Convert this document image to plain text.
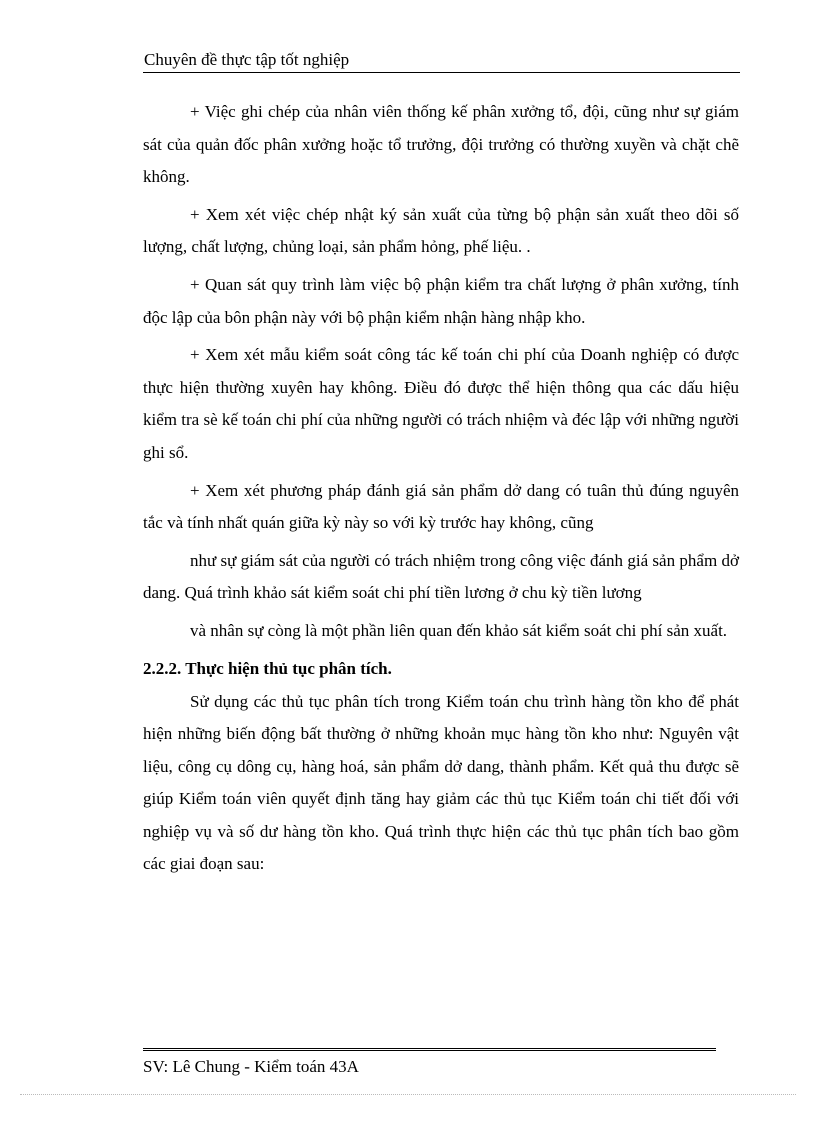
Chuyên đề thực tập tốt nghiệp

+ Việc ghi chép của nhân viên thống kế phân xưởng tổ, đội, cũng như sự giám sát của quản đốc phân xưởng hoặc tổ trưởng, đội trưởng có thường xuyền và chặt chẽ không.

+ Xem xét việc chép nhật ký sản xuất của từng bộ phận sản xuất theo dõi số lượng, chất lượng, chủng loại, sản phẩm hỏng, phế liệu. .

+ Quan sát quy trình làm việc bộ phận kiểm tra chất lượng ở phân xưởng, tính độc lập của bôn phận này với bộ phận kiểm nhận hàng nhập kho.

+ Xem xét mẫu kiểm soát công tác kế toán chi phí của Doanh nghiệp có được thực hiện thường xuyên hay không. Điều đó được thể hiện thông qua các dấu hiệu kiểm tra sè kế toán chi phí của những người có trách nhiệm và đéc lập với những người ghi sổ.

+ Xem xét phương pháp đánh giá sản phẩm dở dang có tuân thủ đúng nguyên tắc và tính nhất quán giữa kỳ này so với kỳ trước hay không, cũng

như sự giám sát của người có trách nhiệm trong công việc đánh giá sản phẩm dở dang. Quá trình khảo sát kiểm soát chi phí tiền lương ở chu kỳ tiền lương

và nhân sự còng là một phần liên quan đến khảo sát kiểm soát chi phí sản xuất.

2.2.2. Thực hiện thủ tục phân tích.

Sử dụng các thủ tục phân tích trong Kiểm toán chu trình hàng tồn kho để phát hiện những biến động bất thường ở những khoản mục hàng tồn kho như: Nguyên vật liệu, công cụ dông cụ, hàng hoá, sản phẩm dở dang, thành phẩm. Kết quả thu được sẽ giúp Kiểm toán viên quyết định tăng hay giảm các thủ tục Kiểm toán chi tiết đối với nghiệp vụ và số dư hàng tồn kho. Quá trình thực hiện các thủ tục phân tích bao gồm các giai đoạn sau:

SV: Lê Chung - Kiểm toán 43A
